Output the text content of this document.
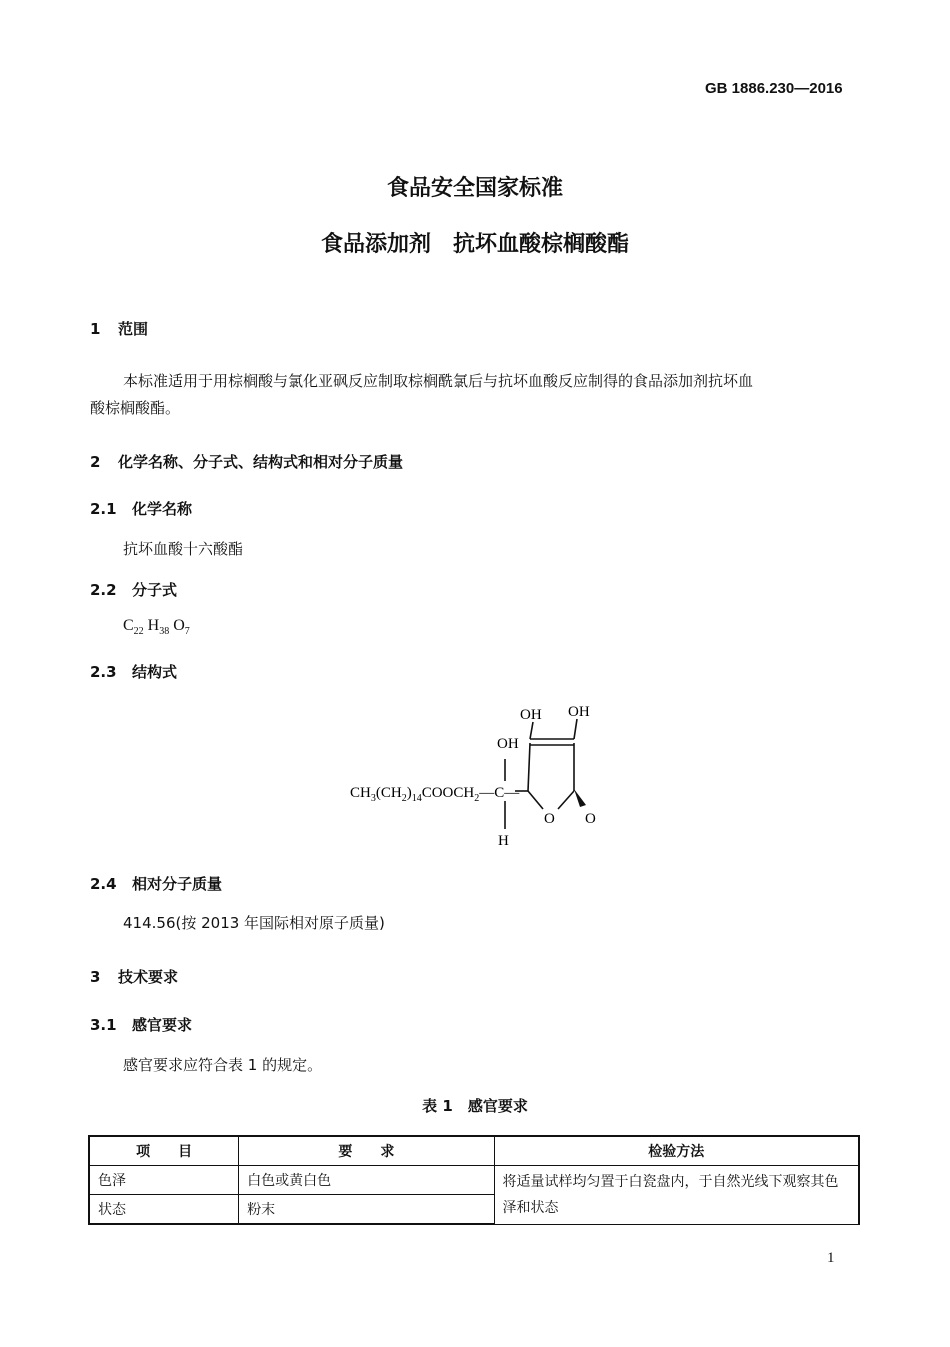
GB 1886.230—2016
食品安全国家标准
食品添加剂　抗坏血酸棕榈酸酯
1 范围
本标准适用于用棕榈酸与氯化亚砜反应制取棕榈酰氯后与抗坏血酸反应制得的食品添加剂抗坏血
酸棕榈酸酯。
2 化学名称、分子式、结构式和相对分子质量
2.1 化学名称
抗坏血酸十六酸酯
2.2 分子式
$C_{22}$ $H_{38}$ $O_7$
2.3 结构式
OH OH
OH
H
O O
$CH_3(CH_2)_{14}COOCH_2—C—$
2.4 相对分子质量
414.56(按 2013 年国际相对原子质量)
3 技术要求
3.1 感官要求
感官要求应符合表 1 的规定。
表 1　感官要求
项　　目	要　　求	检验方法
色泽	白色或黄白色	将适量试样均匀置于白瓷盘内，于自然光线下观察其色泽和状态
状态	粉末	
1
